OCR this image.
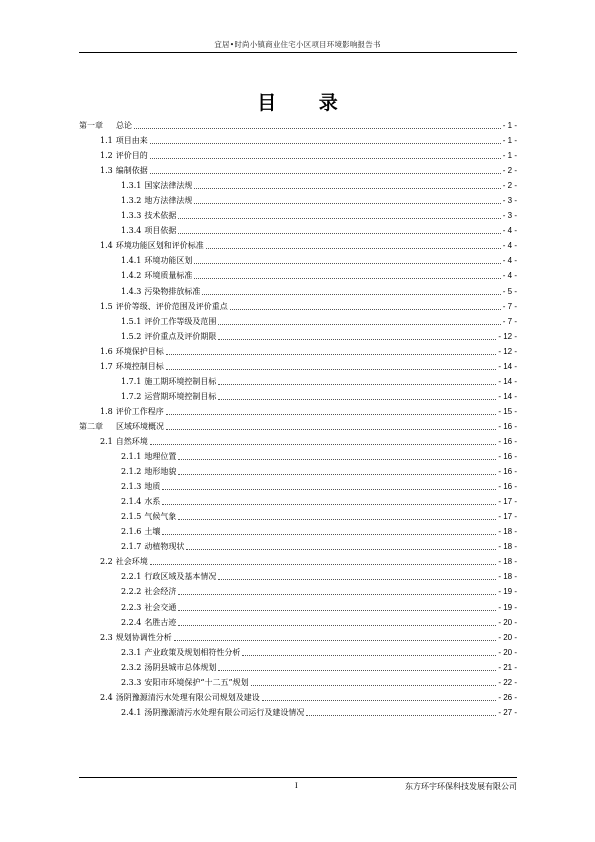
宜居•时尚小镇商业住宅小区项目环境影响报告书
目 录
第一章 总论	- 1 -
1.1 项目由来	- 1 -
1.2 评价目的	- 1 -
1.3 编制依据	- 2 -
1.3.1 国家法律法规	- 2 -
1.3.2 地方法律法规	- 3 -
1.3.3 技术依据	- 3 -
1.3.4 项目依据	- 4 -
1.4 环境功能区划和评价标准	- 4 -
1.4.1 环境功能区划	- 4 -
1.4.2 环境质量标准	- 4 -
1.4.3 污染物排放标准	- 5 -
1.5 评价等级、评价范围及评价重点	- 7 -
1.5.1 评价工作等级及范围	- 7 -
1.5.2 评价重点及评价期限	- 12 -
1.6 环境保护目标	- 12 -
1.7 环境控制目标	- 14 -
1.7.1 施工期环境控制目标	- 14 -
1.7.2 运营期环境控制目标	- 14 -
1.8 评价工作程序	- 15 -
第二章 区域环境概况	- 16 -
2.1 自然环境	- 16 -
2.1.1 地理位置	- 16 -
2.1.2 地形地貌	- 16 -
2.1.3 地质	- 16 -
2.1.4 水系	- 17 -
2.1.5 气候气象	- 17 -
2.1.6 土壤	- 18 -
2.1.7 动植物现状	- 18 -
2.2 社会环境	- 18 -
2.2.1 行政区域及基本情况	- 18 -
2.2.2 社会经济	- 19 -
2.2.3 社会交通	- 19 -
2.2.4 名胜古迹	- 20 -
2.3 规划协调性分析	- 20 -
2.3.1 产业政策及规划相符性分析	- 20 -
2.3.2 汤阴县城市总体规划	- 21 -
2.3.3 安阳市环境保护“十二五”规划	- 22 -
2.4 汤阴豫源清污水处理有限公司规划及建设	- 26 -
2.4.1 汤阴豫源清污水处理有限公司运行及建设情况	- 27 -
I	东方环宇环保科技发展有限公司
